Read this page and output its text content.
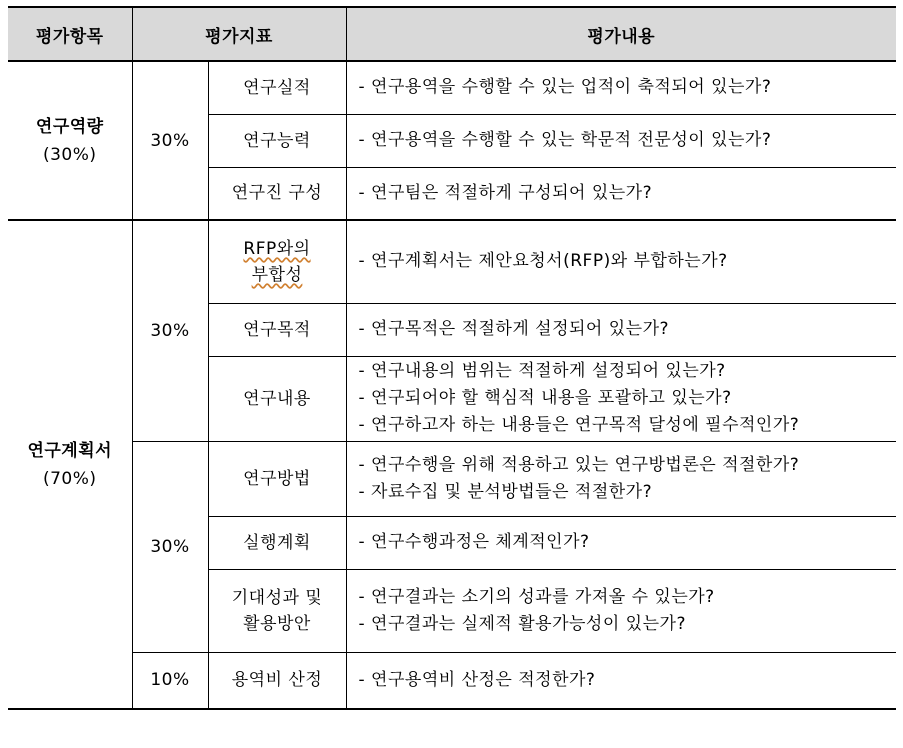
평가항목	평가지표		평가내용

연구역량
(30%)	30%	연구실적	- 연구용역을 수행할 수 있는 업적이 축적되어 있는가?

		연구능력	- 연구용역을 수행할 수 있는 학문적 전문성이 있는가?

		연구진 구성	- 연구팀은 적절하게 구성되어 있는가?

연구계획서
(70%)	30%	RFP와의
부합성	- 연구계획서는 제안요청서(RFP)와 부합하는가?

		연구목적	- 연구목적은 적절하게 설정되어 있는가?

		연구내용	- 연구내용의 범위는 적절하게 설정되어 있는가?
- 연구되어야 할 핵심적 내용을 포괄하고 있는가?
- 연구하고자 하는 내용들은 연구목적 달성에 필수적인가?

	30%	연구방법	- 연구수행을 위해 적용하고 있는 연구방법론은 적절한가?
- 자료수집 및 분석방법들은 적절한가?

		실행계획	- 연구수행과정은 체계적인가?

		기대성과 및
활용방안	- 연구결과는 소기의 성과를 가져올 수 있는가?
- 연구결과는 실제적 활용가능성이 있는가?

	10%	용역비 산정	- 연구용역비 산정은 적정한가?
